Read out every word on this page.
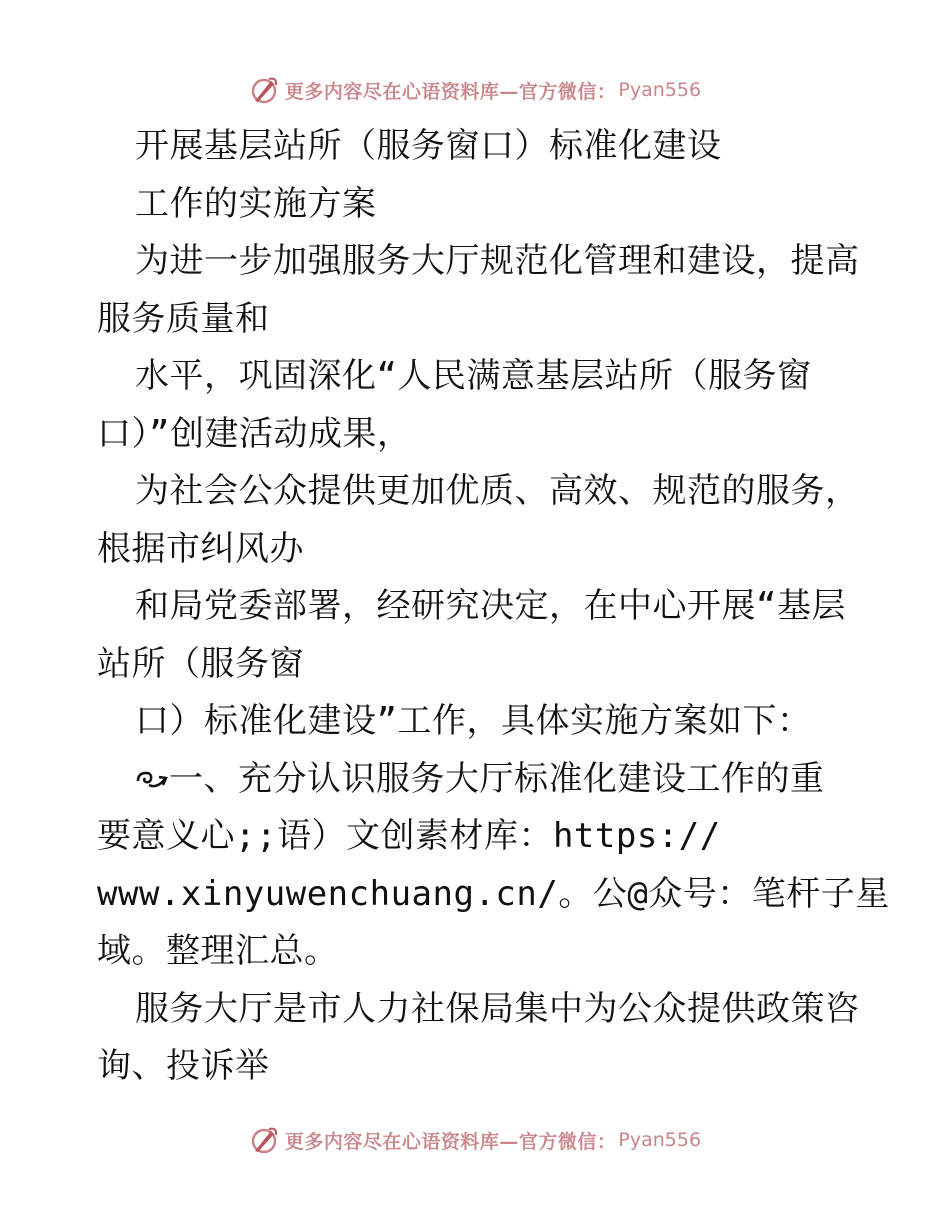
更多内容尽在心语资料库—官方微信： Pyan556
开展基层站所（服务窗口）标准化建设
工作的实施方案
为进一步加强服务大厅规范化管理和建设，提高
服务质量和
水平，巩固深化“人民满意基层站所（服务窗
口）”创建活动成果，
为社会公众提供更加优质、高效、规范的服务，
根据市纠风办
和局党委部署，经研究决定，在中心开展“基层
站所（服务窗
口）标准化建设”工作，具体实施方案如下：
一、充分认识服务大厅标准化建设工作的重
要意义心;;语）文创素材库：https://
www.xinyuwenchuang.cn/。公@众号：笔杆子星
域。整理汇总。
服务大厅是市人力社保局集中为公众提供政策咨
询、投诉举
更多内容尽在心语资料库—官方微信： Pyan556
